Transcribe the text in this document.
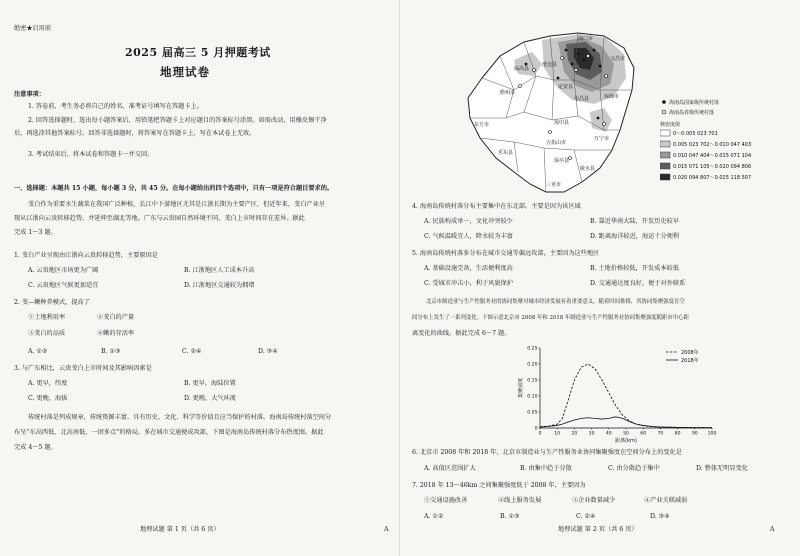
绝密★启用前
2025 届高三 5 月押题考试
地理试卷
注意事项：
1. 答卷前，考生务必将自己的姓名、准考证号填写在答题卡上。
2. 回答选择题时，选出每小题答案后，用铅笔把答题卡上对应题目的答案标号涂黑。如需改动，用橡皮擦干净
后，再选涂其他答案标号。回答非选择题时，将答案写在答题卡上，写在本试卷上无效。
3. 考试结束后，将本试卷和答题卡一并交回。
一、选择题：本题共 15 小题，每小题 3 分，共 45 分。在每小题给出的四个选项中，只有一项是符合题目要求的。
芰白作为重要水生蔬菜在我国广泛种植，长江中下游地区尤其是江浙长期为主要产区，但近年来，芰白产业呈
现从江浙向云贵转移趋势，并延伸至湖北等地。广东与云贵园自然环境不同，芰白上市时间存在差异。据此
完成 1～3 题。
1. 芰白产业呈现由江浙向云贵转移趋势，主要原因是
A. 云贵地区市场更为广阔	B. 江浙地区人工成本升高
C. 云贵地区气候更加适宜	D. 江浙地区交通较为拥堵
2. 芰—鳅种养模式，提高了
①土地利用率	②芰白的产量
③芰白的品质	④鳅的存活率
A. ①②	B. ①③	C. ②④	D. ③④
3. 与广东相比，云贵芰白上市时间及其影响因素是
A. 更早，纬度	B. 更早，海陆位置
C. 更晚，海拔	D. 更晚，大气环流
传统村落是列成规章，传统资源丰富，具有历史、文化、科学等价值且应当保护的村落。海南岛传统村落空间分
布呈“东高西低、北高南低、一团多点”的格局，多在城市交通便成攻部，下图是海南岛传统村落分布热度图。据此
完成 4～5 题。
地理试题 第 1 页（共 6 页）	A
临高县
海口市
文昌市
澄迈县
儋州市
屯昌县
定安县
琼海市
东方市	琼中县
万宁市
五指山市
乐东县
保亭县
陵水县
三亚市
海南岛国家级传统村落
海南岛省级传统村落
核密度值
0～0.005 023 701
0.005 023 702～0.010 047 403
0.010 047 404～0.015 071 104
0.015 071 105～0.020 094 806
0.020 094 807～0.025 118 507
4. 海南岛传统村落分布主要集中在东北部。主要是因为该区域
A. 民族构成单一，文化冲突较少	B. 靠近华南大陆，开发历史较早
C. 气候温暖宜人，降水较为丰富	D. 距离海洋较近，海运十分便利
5. 海南岛传统村落多分布在城市交通等偏远攻部，主要因为这些地区
A. 基础设施完备，生活便利度高	B. 土地价格较低，开发成本较低
C. 受城市冲击小，利于风貌保护	D. 交通通达度良好，便于对外联系
北京市制造业与生产性服务业的协同集聚对城市经济发展有着重要意义，随着时间推移，其协同集聚强度在空
间分布上发生了一系列变化。下图示意北京市 2008 年和 2018 年制造业与生产性服务业协同集聚强度随距市中心距
离变化的曲线。据此完成 6～7 题。
0	10 20 30 40 50 60 70 80 90 100
0
0.05
0.10
0.15
0.20
0.25
2008年
2018年
集聚强度
距离(km)
6. 北京市 2008 年和 2018 年，北京市制造业与生产性服务业协同集聚强度在空间分布上的变化是
A. 高值区范围扩大	B. 由集中趋于分散	C. 由分散趋于集中	D. 整体无明显变化
7. 2018 年 13～46km 之间集聚强度低于 2008 年，主要因为
①交通设施改善	②线上服务发展	③企业数量减少	④产业关联减弱
A. ①②	B. ①③	C. ②④	D. ③④
地理试题 第 2 页（共 6 页）	A
